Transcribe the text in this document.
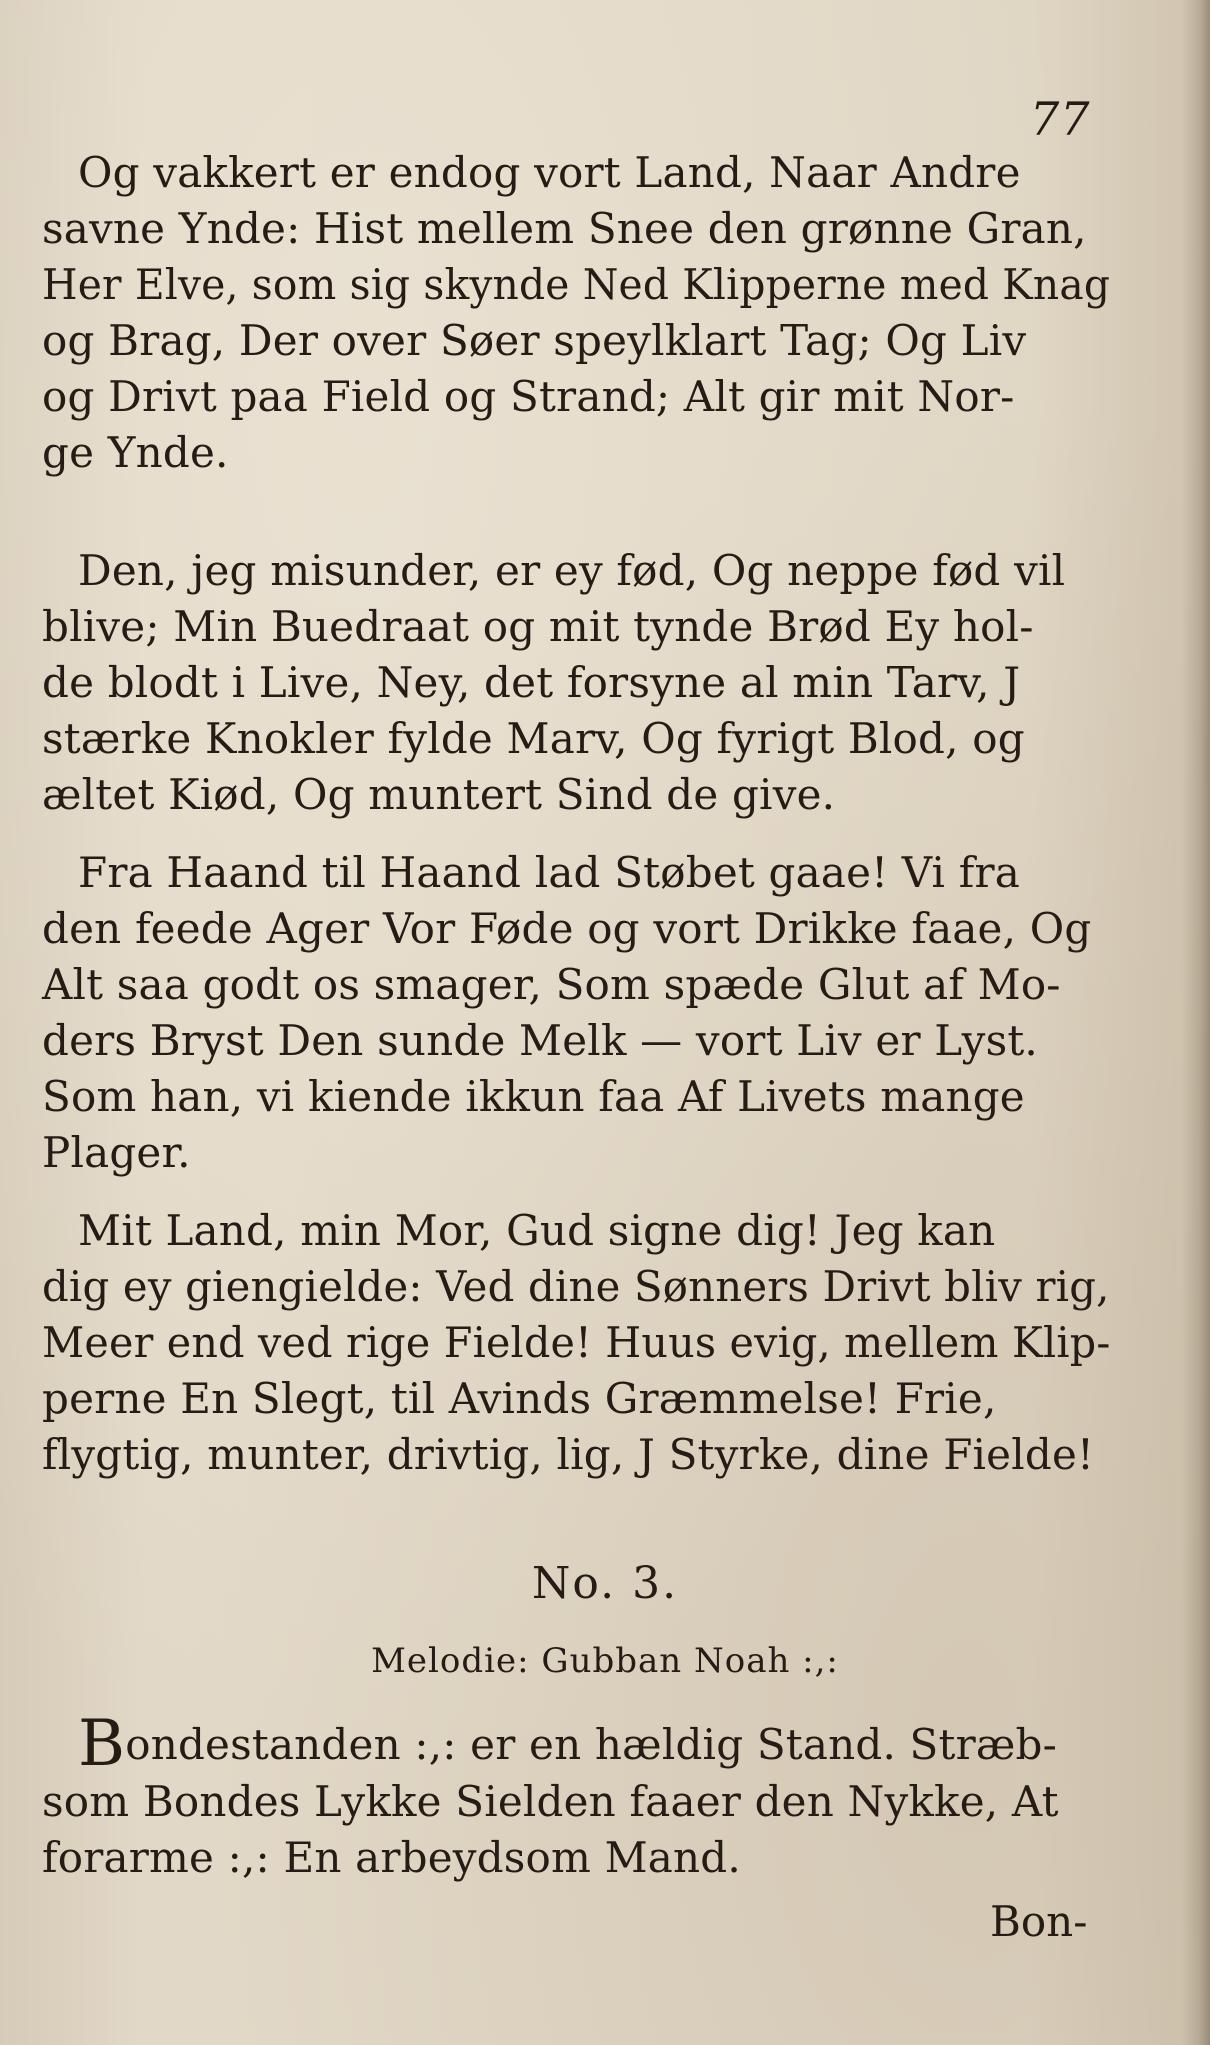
77
Og vakkert er endog vort Land, Naar Andre
savne Ynde: Hist mellem Snee den grønne Gran,
Her Elve, som sig skynde Ned Klipperne med Knag
og Brag, Der over Søer speylklart Tag; Og Liv
og Drivt paa Field og Strand; Alt gir mit Nor-
ge Ynde.
Den, jeg misunder, er ey fød, Og neppe fød vil
blive; Min Buedraat og mit tynde Brød Ey hol-
de blodt i Live, Ney, det forsyne al min Tarv, J
stærke Knokler fylde Marv, Og fyrigt Blod, og
æltet Kiød, Og muntert Sind de give.
Fra Haand til Haand lad Støbet gaae! Vi fra
den feede Ager Vor Føde og vort Drikke faae, Og
Alt saa godt os smager, Som spæde Glut af Mo-
ders Bryst Den sunde Melk — vort Liv er Lyst.
Som han, vi kiende ikkun faa Af Livets mange
Plager.
Mit Land, min Mor, Gud signe dig! Jeg kan
dig ey giengielde: Ved dine Sønners Drivt bliv rig,
Meer end ved rige Fielde! Huus evig, mellem Klip-
perne En Slegt, til Avinds Græmmelse! Frie,
flygtig, munter, drivtig, lig, J Styrke, dine Fielde!
No. 3.
Melodie: Gubban Noah :,:
Bondestanden :,: er en hældig Stand. Stræb-
som Bondes Lykke Sielden faaer den Nykke, At
forarme :,: En arbeydsom Mand.
Bon-
